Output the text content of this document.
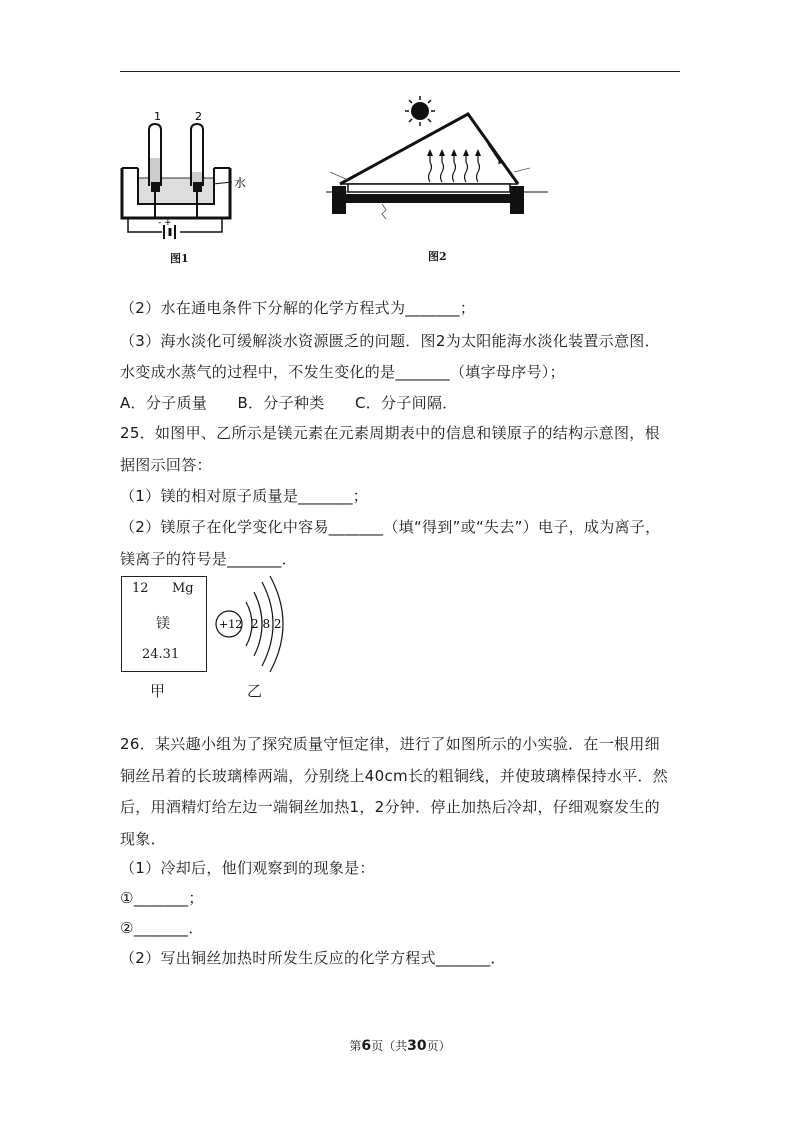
1	2
水
- +
图1	图2
（2）水在通电条件下分解的化学方程式为_______；
（3）海水淡化可缓解淡水资源匮乏的问题．图2为太阳能海水淡化装置示意图．
水变成水蒸气的过程中，不发生变化的是_______（填字母序号）；
A．分子质量      B．分子种类      C．分子间隔．
25．如图甲、乙所示是镁元素在元素周期表中的信息和镁原子的结构示意图，根
据图示回答：
（1）镁的相对原子质量是_______；
（2）镁原子在化学变化中容易_______（填“得到”或“失去”）电子，成为离子，
镁离子的符号是_______．
12 Mg
镁
24.31
甲
+12 2 8 2
乙
26．某兴趣小组为了探究质量守恒定律，进行了如图所示的小实验．在一根用细
铜丝吊着的长玻璃棒两端，分别绕上40cm长的粗铜线，并使玻璃棒保持水平．然
后，用酒精灯给左边一端铜丝加热1，2分钟．停止加热后冷却，仔细观察发生的
现象．
（1）冷却后，他们观察到的现象是：
①_______；
②_______．
（2）写出铜丝加热时所发生反应的化学方程式_______．
第6页（共30页）
